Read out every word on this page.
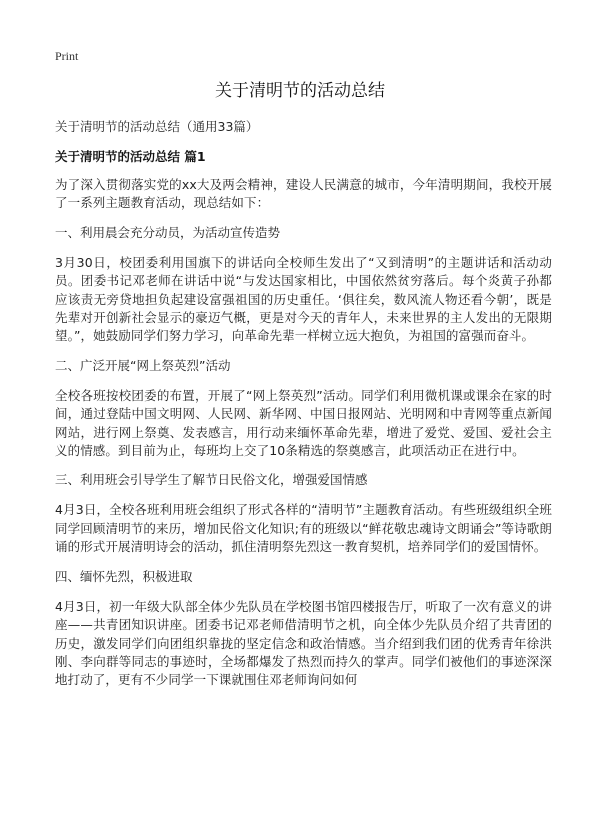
Print
关于清明节的活动总结

关于清明节的活动总结（通用33篇）

关于清明节的活动总结 篇1

为了深入贯彻落实党的xx大及两会精神，建设人民满意的城市，今年清明期间，我校开展了一系列主题教育活动，现总结如下：

一、利用晨会充分动员，为活动宣传造势

3月30日，校团委利用国旗下的讲话向全校师生发出了“又到清明”的主题讲话和活动动员。团委书记邓老师在讲话中说“与发达国家相比，中国依然贫穷落后。每个炎黄子孙都应该责无旁贷地担负起建设富强祖国的历史重任。‘俱往矣，数风流人物还看今朝’，既是先辈对开创新社会显示的豪迈气概，更是对今天的青年人，未来世界的主人发出的无限期望。”，她鼓励同学们努力学习，向革命先辈一样树立远大抱负，为祖国的富强而奋斗。

二、广泛开展“网上祭英烈”活动

全校各班按校团委的布置，开展了“网上祭英烈”活动。同学们利用微机课或课余在家的时间，通过登陆中国文明网、人民网、新华网、中国日报网站、光明网和中青网等重点新闻网站，进行网上祭奠、发表感言，用行动来缅怀革命先辈，增进了爱党、爱国、爱社会主义的情感。到目前为止，每班均上交了10条精选的祭奠感言，此项活动正在进行中。

三、利用班会引导学生了解节日民俗文化，增强爱国情感

4月3日，全校各班利用班会组织了形式各样的“清明节”主题教育活动。有些班级组织全班同学回顾清明节的来历，增加民俗文化知识;有的班级以“鲜花敬忠魂诗文朗诵会”等诗歌朗诵的形式开展清明诗会的活动，抓住清明祭先烈这一教育契机，培养同学们的爱国情怀。

四、缅怀先烈，积极进取

4月3日，初一年级大队部全体少先队员在学校图书馆四楼报告厅，听取了一次有意义的讲座——共青团知识讲座。团委书记邓老师借清明节之机，向全体少先队员介绍了共青团的历史，激发同学们向团组织靠拢的坚定信念和政治情感。当介绍到我们团的优秀青年徐洪刚、李向群等同志的事迹时，全场都爆发了热烈而持久的掌声。同学们被他们的事迹深深地打动了，更有不少同学一下课就围住邓老师询问如何
